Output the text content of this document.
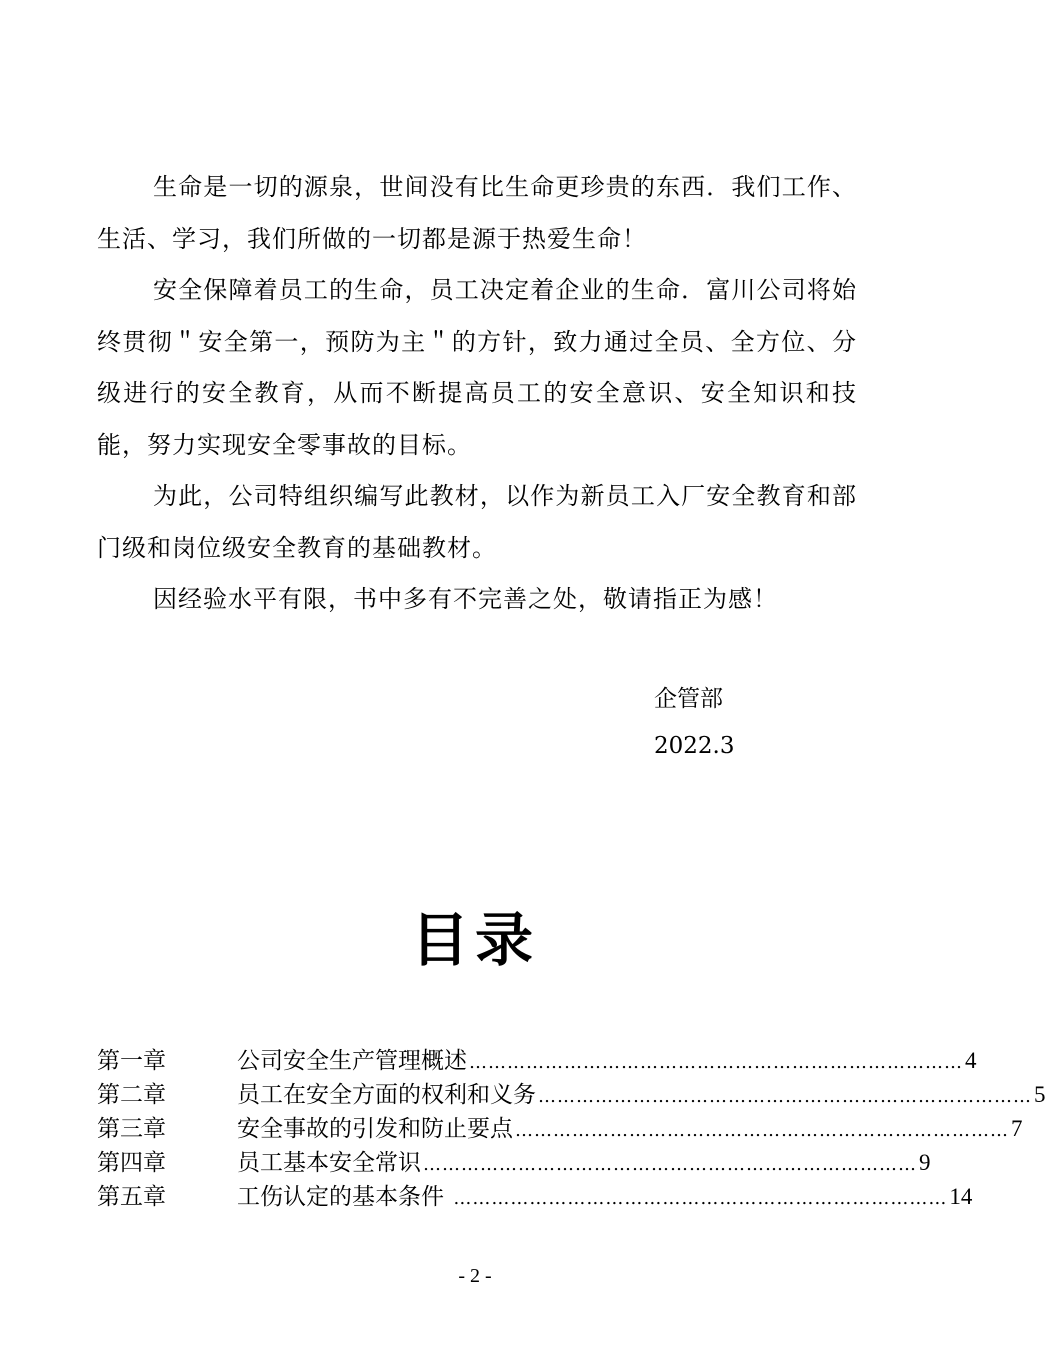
生命是一切的源泉，世间没有比生命更珍贵的东西．我们工作、生活、学习，我们所做的一切都是源于热爱生命！

安全保障着员工的生命，员工决定着企业的生命．富川公司将始终贯彻＂安全第一，预防为主＂的方针，致力通过全员、全方位、分级进行的安全教育，从而不断提高员工的安全意识、安全知识和技能，努力实现安全零事故的目标。

为此，公司特组织编写此教材，以作为新员工入厂安全教育和部门级和岗位级安全教育的基础教材。

因经验水平有限，书中多有不完善之处，敬请指正为感！

企管部
2022.3
目录
第一章	公司安全生产管理概述 …………………………………………………………………… 4
第二章	员工在安全方面的权利和义务 …………………………………………………………………… 5
第三章	安全事故的引发和防止要点 …………………………………………………………………… 7
第四章	员工基本安全常识 …………………………………………………………………… 9
第五章	工伤认定的基本条件 …………………………………………………………………… 14
- 2 -
